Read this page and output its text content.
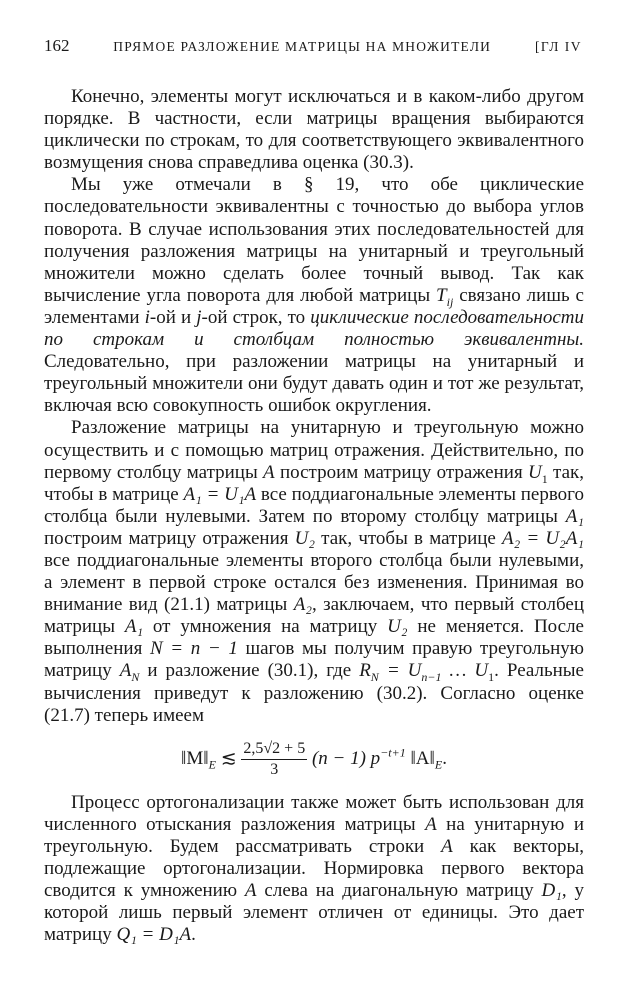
162	ПРЯМОЕ РАЗЛОЖЕНИЕ МАТРИЦЫ НА МНОЖИТЕЛИ	[ГЛ IV

Конечно, элементы могут исключаться и в каком-либо другом порядке. В частности, если матрицы вращения выбираются циклически по строкам, то для соответствующего эквивалентного возмущения снова справедлива оценка (30.3).

Мы уже отмечали в § 19, что обе циклические последовательности эквивалентны с точностью до выбора углов поворота. В случае использования этих последовательностей для получения разложения матрицы на унитарный и треугольный множители можно сделать более точный вывод. Так как вычисление угла поворота для любой матрицы $T_{ij}$ связано лишь с элементами i-ой и j-ой строк, то циклические последовательности по строкам и столбцам полностью эквивалентны. Следовательно, при разложении матрицы на унитарный и треугольный множители они будут давать один и тот же результат, включая всю совокупность ошибок округления.

Разложение матрицы на унитарную и треугольную можно осуществить и с помощью матриц отражения. Действительно, по первому столбцу матрицы A построим матрицу отражения $U_1$ так, чтобы в матрице A₁ = U₁A все поддиагональные элементы первого столбца были нулевыми. Затем по второму столбцу матрицы A₁ построим матрицу отражения U₂ так, чтобы в матрице A₂ = U₂A₁ все поддиагональные элементы второго столбца были нулевыми, а элемент в первой строке остался без изменения. Принимая во внимание вид (21.1) матрицы A₂, заключаем, что первый столбец матрицы A₁ от умножения на матрицу U₂ не меняется. После выполнения N = n − 1 шагов мы получим правую треугольную матрицу $A_N$ и разложение (30.1), где $R_N = U_{n-1}$ … $U_1$. Реальные вычисления приведут к разложению (30.2). Согласно оценке (21.7) теперь имеем

$‖M‖_E$ ≲ $\frac{2,5√2 + 5}{3} (n - 1)$ $p^{-t+1}$ $‖A‖_E$.

Процесс ортогонализации также может быть использован для численного отыскания разложения матрицы A на унитарную и треугольную. Будем рассматривать строки A как векторы, подлежащие ортогонализации. Нормировка первого вектора сводится к умножению A слева на диагональную матрицу D₁, у которой лишь первый элемент отличен от единицы. Это дает матрицу Q₁ = D₁A.
